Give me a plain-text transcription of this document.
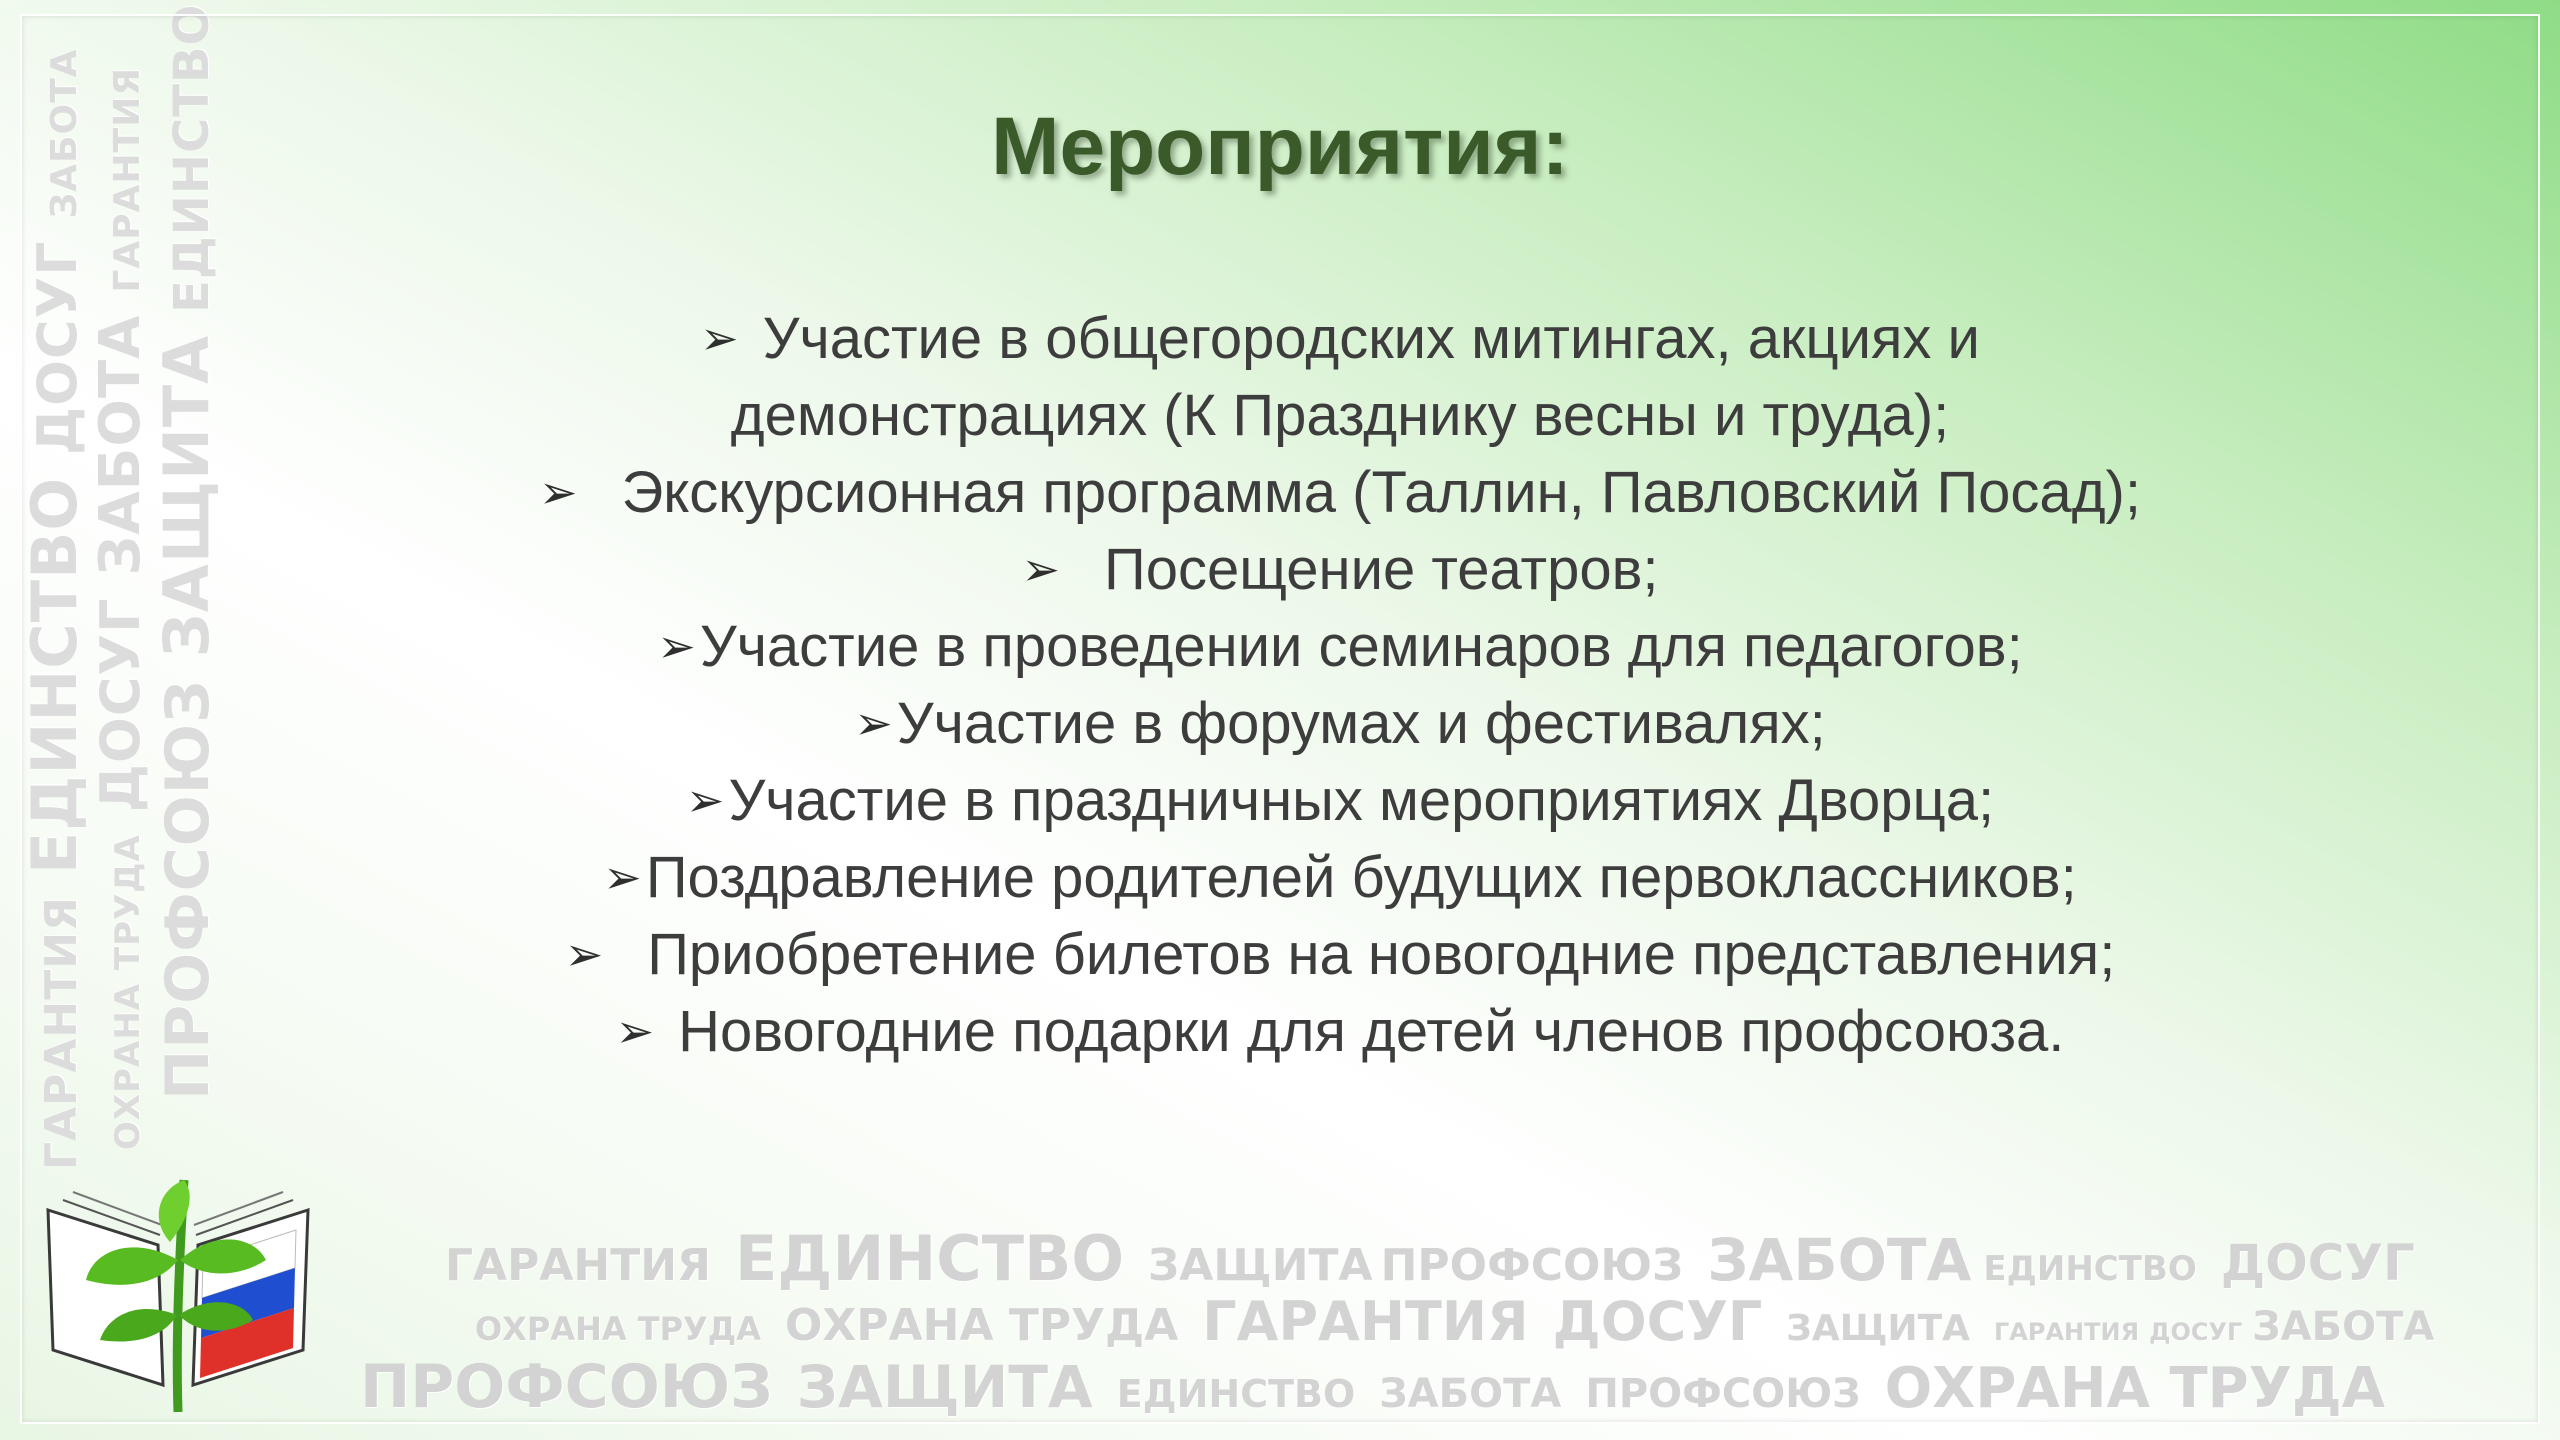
ГАРАНТИЯЕДИНСТВОДОСУГЗАБОТА
ОХРАНА ТРУДАДОСУГЗАБОТАГАРАНТИЯ
ПРОФСОЮЗЗАЩИТАЕДИНСТВО
ГАРАНТИЯ ЕДИНСТВО ЗАЩИТА ПРОФСОЮЗ ЗАБОТА ЕДИНСТВО ДОСУГ
ОХРАНА ТРУДА ОХРАНА ТРУДА ГАРАНТИЯ ДОСУГ ЗАЩИТА ГАРАНТИЯ ДОСУГ ЗАБОТА
ПРОФСОЮЗ ЗАЩИТА ЕДИНСТВО ЗАБОТА ПРОФСОЮЗ ОХРАНА ТРУДА
Мероприятия:
➢ Участие в общегородских митингах, акциях и
демонстрациях (К Празднику весны и труда);
➢ Экскурсионная программа (Таллин, Павловский Посад);
➢ Посещение театров;
➢Участие в проведении семинаров для педагогов;
➢Участие в форумах и фестивалях;
➢Участие в праздничных мероприятиях Дворца;
➢Поздравление родителей будущих первоклассников;
➢ Приобретение билетов на новогодние представления;
➢ Новогодние подарки для детей членов профсоюза.
